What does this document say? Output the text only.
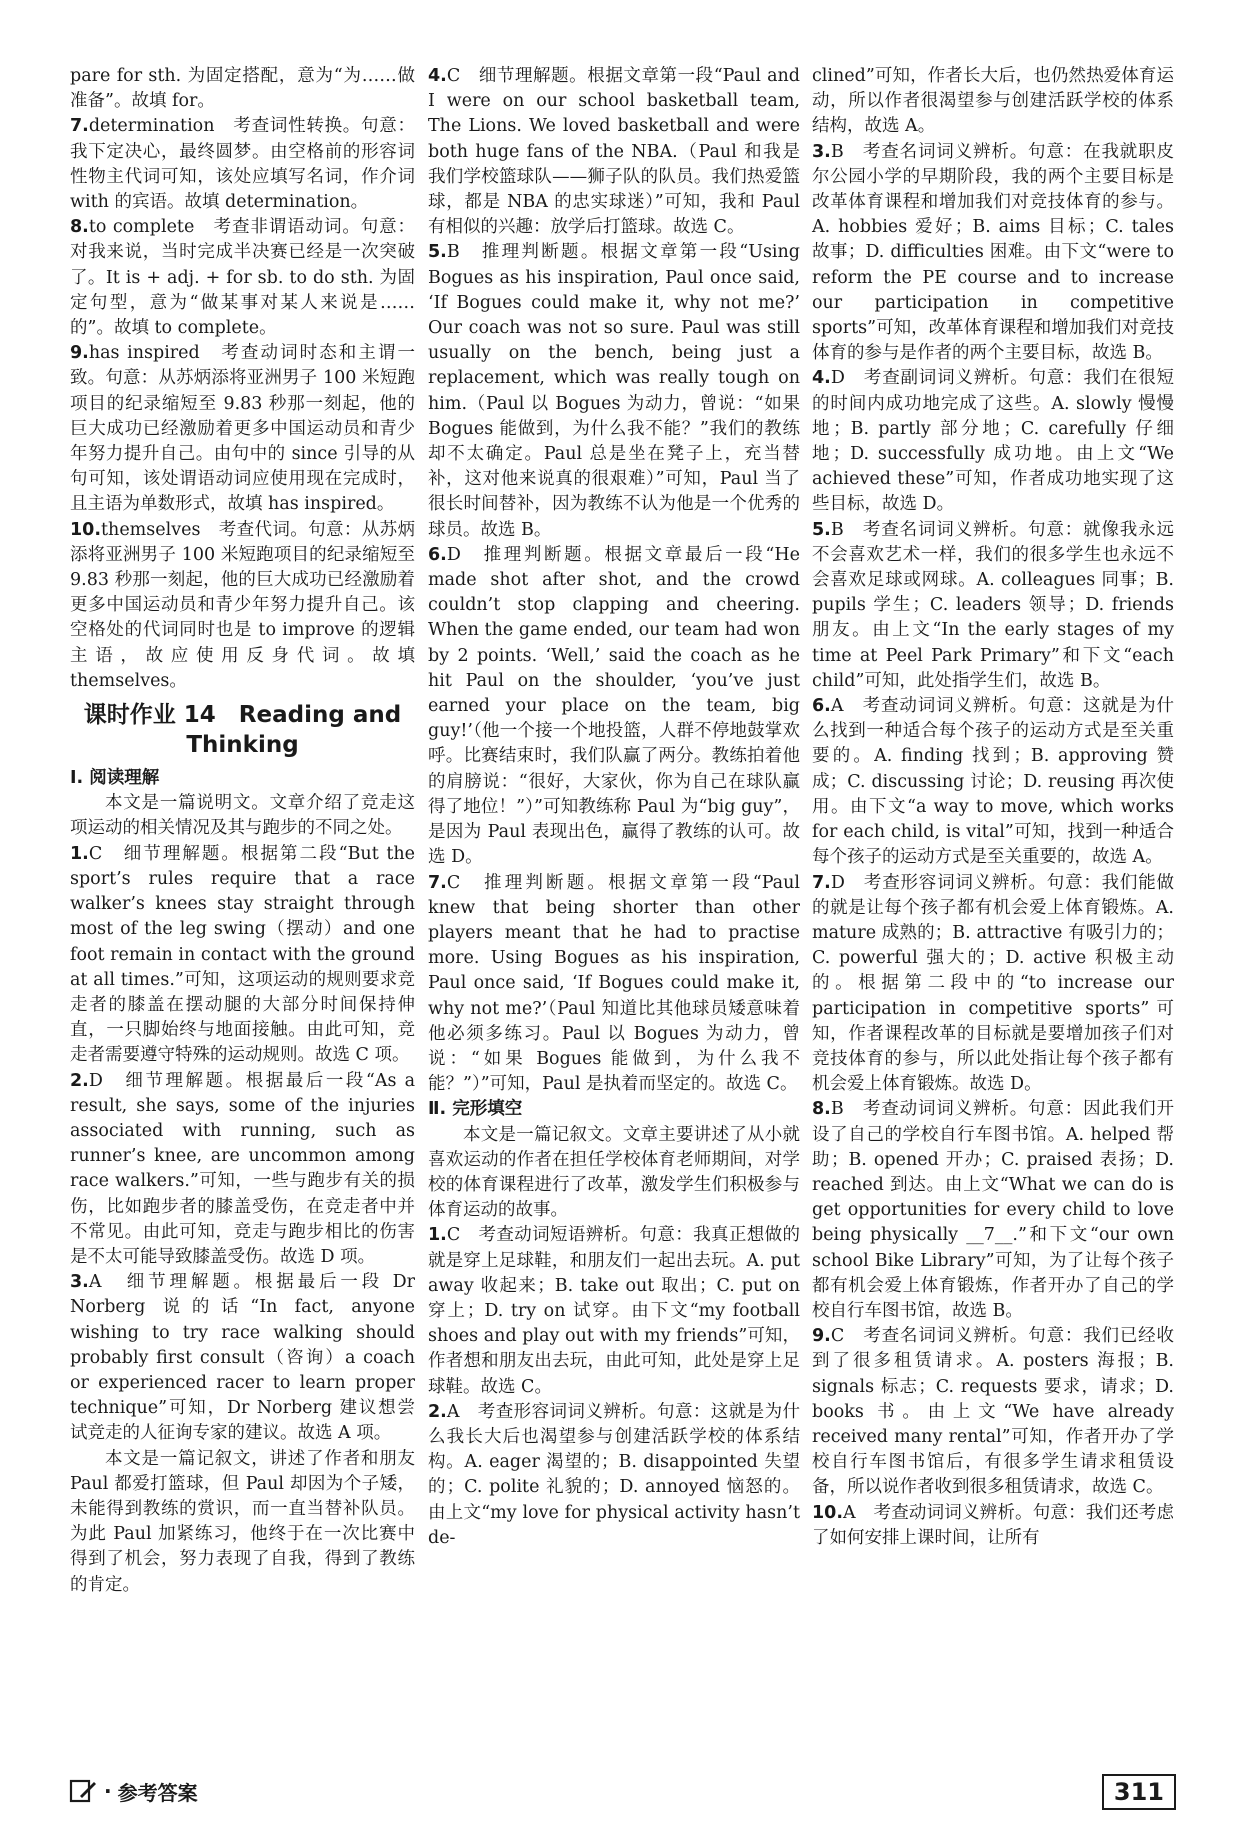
pare for sth. 为固定搭配，意为“为……做准备”。故填 for。

7.determination　考查词性转换。句意：我下定决心，最终圆梦。由空格前的形容词性物主代词可知，该处应填写名词，作介词 with 的宾语。故填 determination。

8.to complete　考查非谓语动词。句意：对我来说，当时完成半决赛已经是一次突破了。It is + adj. + for sb. to do sth. 为固定句型，意为“做某事对某人来说是……的”。故填 to complete。

9.has inspired　考查动词时态和主谓一致。句意：从苏炳添将亚洲男子 100 米短跑项目的纪录缩短至 9.83 秒那一刻起，他的巨大成功已经激励着更多中国运动员和青少年努力提升自己。由句中的 since 引导的从句可知，该处谓语动词应使用现在完成时，且主语为单数形式，故填 has inspired。

10.themselves　考查代词。句意：从苏炳添将亚洲男子 100 米短跑项目的纪录缩短至 9.83 秒那一刻起，他的巨大成功已经激励着更多中国运动员和青少年努力提升自己。该空格处的代词同时也是 to improve 的逻辑主语，故应使用反身代词。故填 themselves。

课时作业 14　Reading and Thinking

Ⅰ. 阅读理解

本文是一篇说明文。文章介绍了竞走这项运动的相关情况及其与跑步的不同之处。

1.C　细节理解题。根据第二段“But the sport’s rules require that a race walker’s knees stay straight through most of the leg swing（摆动）and one foot remain in contact with the ground at all times.”可知，这项运动的规则要求竞走者的膝盖在摆动腿的大部分时间保持伸直，一只脚始终与地面接触。由此可知，竞走者需要遵守特殊的运动规则。故选 C 项。

2.D　细节理解题。根据最后一段“As a result, she says, some of the injuries associated with running, such as runner’s knee, are uncommon among race walkers.”可知，一些与跑步有关的损伤，比如跑步者的膝盖受伤，在竞走者中并不常见。由此可知，竞走与跑步相比的伤害是不太可能导致膝盖受伤。故选 D 项。

3.A　细节理解题。根据最后一段 Dr Norberg 说的话“In fact, anyone wishing to try race walking should probably first consult（咨询）a coach or experienced racer to learn proper technique”可知，Dr Norberg 建议想尝试竞走的人征询专家的建议。故选 A 项。

本文是一篇记叙文，讲述了作者和朋友 Paul 都爱打篮球，但 Paul 却因为个子矮，未能得到教练的赏识，而一直当替补队员。为此 Paul 加紧练习，他终于在一次比赛中得到了机会，努力表现了自我，得到了教练的肯定。

4.C　细节理解题。根据文章第一段“Paul and I were on our school basketball team, The Lions. We loved basketball and were both huge fans of the NBA.（Paul 和我是我们学校篮球队——狮子队的队员。我们热爱篮球，都是 NBA 的忠实球迷）”可知，我和 Paul 有相似的兴趣：放学后打篮球。故选 C。

5.B　推理判断题。根据文章第一段“Using Bogues as his inspiration, Paul once said, ‘If Bogues could make it, why not me?’ Our coach was not so sure. Paul was still usually on the bench, being just a replacement, which was really tough on him.（Paul 以 Bogues 为动力，曾说：“如果 Bogues 能做到，为什么我不能？”我们的教练却不太确定。Paul 总是坐在凳子上，充当替补，这对他来说真的很艰难）”可知，Paul 当了很长时间替补，因为教练不认为他是一个优秀的球员。故选 B。

6.D　推理判断题。根据文章最后一段“He made shot after shot, and the crowd couldn’t stop clapping and cheering. When the game ended, our team had won by 2 points. ‘Well,’ said the coach as he hit Paul on the shoulder, ‘you’ve just earned your place on the team, big guy!’（他一个接一个地投篮，人群不停地鼓掌欢呼。比赛结束时，我们队赢了两分。教练拍着他的肩膀说：“很好，大家伙，你为自己在球队赢得了地位！”）”可知教练称 Paul 为“big guy”，是因为 Paul 表现出色，赢得了教练的认可。故选 D。

7.C　推理判断题。根据文章第一段“Paul knew that being shorter than other players meant that he had to practise more. Using Bogues as his inspiration, Paul once said, ‘If Bogues could make it, why not me?’（Paul 知道比其他球员矮意味着他必须多练习。Paul 以 Bogues 为动力，曾说：“如果 Bogues 能做到，为什么我不能？”）”可知，Paul 是执着而坚定的。故选 C。

Ⅱ. 完形填空

本文是一篇记叙文。文章主要讲述了从小就喜欢运动的作者在担任学校体育老师期间，对学校的体育课程进行了改革，激发学生们积极参与体育运动的故事。

1.C　考查动词短语辨析。句意：我真正想做的就是穿上足球鞋，和朋友们一起出去玩。A. put away 收起来；B. take out 取出；C. put on 穿上；D. try on 试穿。由下文“my football shoes and play out with my friends”可知，作者想和朋友出去玩，由此可知，此处是穿上足球鞋。故选 C。

2.A　考查形容词词义辨析。句意：这就是为什么我长大后也渴望参与创建活跃学校的体系结构。A. eager 渴望的；B. disappointed 失望的；C. polite 礼貌的；D. annoyed 恼怒的。由上文“my love for physical activity hasn’t de-

clined”可知，作者长大后，也仍然热爱体育运动，所以作者很渴望参与创建活跃学校的体系结构，故选 A。

3.B　考查名词词义辨析。句意：在我就职皮尔公园小学的早期阶段，我的两个主要目标是改革体育课程和增加我们对竞技体育的参与。A. hobbies 爱好；B. aims 目标；C. tales 故事；D. difficulties 困难。由下文“were to reform the PE course and to increase our participation in competitive sports”可知，改革体育课程和增加我们对竞技体育的参与是作者的两个主要目标，故选 B。

4.D　考查副词词义辨析。句意：我们在很短的时间内成功地完成了这些。A. slowly 慢慢地；B. partly 部分地；C. carefully 仔细地；D. successfully 成功地。由上文“We achieved these”可知，作者成功地实现了这些目标，故选 D。

5.B　考查名词词义辨析。句意：就像我永远不会喜欢艺术一样，我们的很多学生也永远不会喜欢足球或网球。A. colleagues 同事；B. pupils 学生；C. leaders 领导；D. friends 朋友。由上文“In the early stages of my time at Peel Park Primary”和下文“each child”可知，此处指学生们，故选 B。

6.A　考查动词词义辨析。句意：这就是为什么找到一种适合每个孩子的运动方式是至关重要的。A. finding 找到；B. approving 赞成；C. discussing 讨论；D. reusing 再次使用。由下文“a way to move, which works for each child, is vital”可知，找到一种适合每个孩子的运动方式是至关重要的，故选 A。

7.D　考查形容词词义辨析。句意：我们能做的就是让每个孩子都有机会爱上体育锻炼。A. mature 成熟的；B. attractive 有吸引力的；C. powerful 强大的；D. active 积极主动的。根据第二段中的“to increase our participation in competitive sports”可知，作者课程改革的目标就是要增加孩子们对竞技体育的参与，所以此处指让每个孩子都有机会爱上体育锻炼。故选 D。

8.B　考查动词词义辨析。句意：因此我们开设了自己的学校自行车图书馆。A. helped 帮助；B. opened 开办；C. praised 表扬；D. reached 到达。由上文“What we can do is get opportunities for every child to love being physically __7__.”和下文“our own school Bike Library”可知，为了让每个孩子都有机会爱上体育锻炼，作者开办了自己的学校自行车图书馆，故选 B。

9.C　考查名词词义辨析。句意：我们已经收到了很多租赁请求。A. posters 海报；B. signals 标志；C. requests 要求，请求；D. books 书。由上文“We have already received many rental”可知，作者开办了学校自行车图书馆后，有很多学生请求租赁设备，所以说作者收到很多租赁请求，故选 C。

10.A　考查动词词义辨析。句意：我们还考虑了如何安排上课时间，让所有

· 参考答案	311
